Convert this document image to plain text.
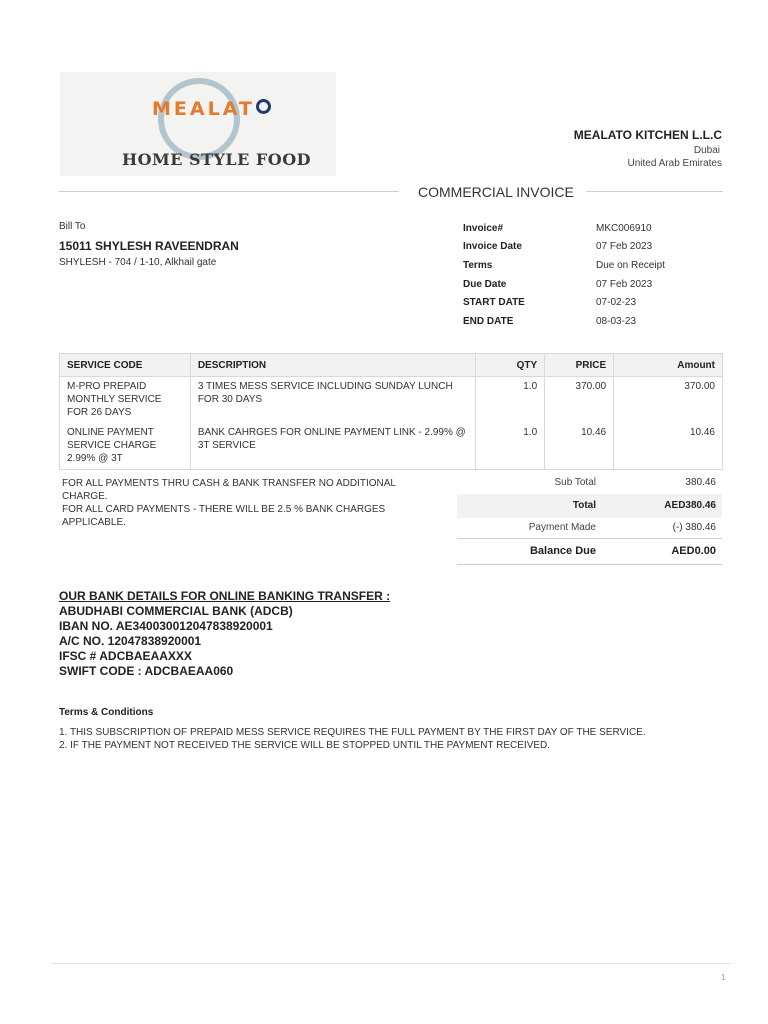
MEALAT
HOME STYLE FOOD
MEALATO KITCHEN L.L.C
Dubai
United Arab Emirates
COMMERCIAL INVOICE
Bill To
15011 SHYLESH RAVEENDRAN
SHYLESH - 704 / 1-10, Alkhail gate
Invoice#	MKC006910
Invoice Date	07 Feb 2023
Terms	Due on Receipt
Due Date	07 Feb 2023
START DATE	07-02-23
END DATE	08-03-23
SERVICE CODE	DESCRIPTION	QTY	PRICE	Amount
M-PRO PREPAID MONTHLY SERVICE FOR 26 DAYS	3 TIMES MESS SERVICE INCLUDING SUNDAY LUNCH FOR 30 DAYS	1.0	370.00	370.00
ONLINE PAYMENT SERVICE CHARGE 2.99% @ 3T	BANK CAHRGES FOR ONLINE PAYMENT LINK - 2.99% @ 3T SERVICE	1.0	10.46	10.46
FOR ALL PAYMENTS THRU CASH & BANK TRANSFER NO ADDITIONAL CHARGE.
FOR ALL CARD PAYMENTS - THERE WILL BE 2.5 % BANK CHARGES APPLICABLE.
Sub Total	380.46
Total	AED380.46
Payment Made	(-) 380.46
Balance Due	AED0.00
OUR BANK DETAILS FOR ONLINE BANKING TRANSFER :
ABUDHABI COMMERCIAL BANK (ADCB)
IBAN NO. AE340030012047838920001
A/C NO. 12047838920001
IFSC # ADCBAEAAXXX
SWIFT CODE : ADCBAEAA060
Terms & Conditions
1. THIS SUBSCRIPTION OF PREPAID MESS SERVICE REQUIRES THE FULL PAYMENT BY THE FIRST DAY OF THE SERVICE.
2. IF THE PAYMENT NOT RECEIVED THE SERVICE WILL BE STOPPED UNTIL THE PAYMENT RECEIVED.
1
